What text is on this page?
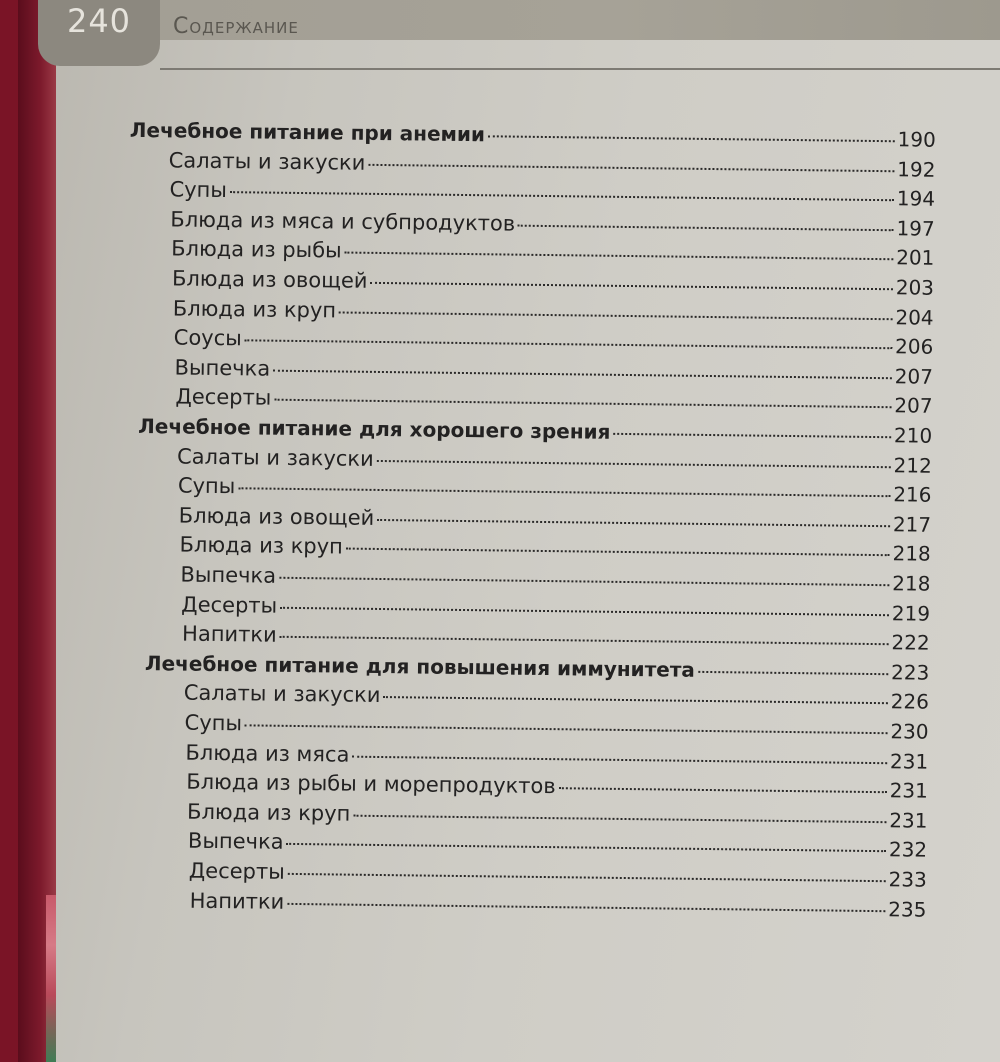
240 Содержание
Лечебное питание при анемии	190
Салаты и закуски	192
Супы	194
Блюда из мяса и субпродуктов	197
Блюда из рыбы	201
Блюда из овощей	203
Блюда из круп	204
Соусы	206
Выпечка	207
Десерты	207
Лечебное питание для хорошего зрения	210
Салаты и закуски	212
Супы	216
Блюда из овощей	217
Блюда из круп	218
Выпечка	218
Десерты	219
Напитки	222
Лечебное питание для повышения иммунитета	223
Салаты и закуски	226
Супы	230
Блюда из мяса	231
Блюда из рыбы и морепродуктов	231
Блюда из круп	231
Выпечка	232
Десерты	233
Напитки	235
